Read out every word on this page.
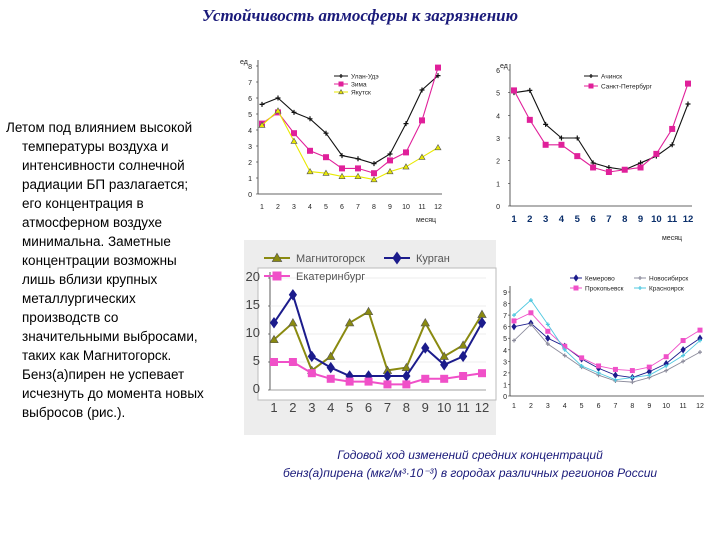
Устойчивость атмосферы к загрязнению
Летом под влиянием высокой
температуры воздуха и
интенсивности солнечной
радиации БП разлагается;
его концентрация в
атмосферном воздухе
минимальна. Заметные
концентрации возможны
лишь вблизи крупных
металлургических
производств со
значительными выбросами,
таких как Магнитогорск.
Бенз(а)пирен не успевает
исчезнуть до момента новых
выбросов (рис.).
0
1
2
3
4
5
6
7
8
1 2 3 4 5 6 7 8 9 10 11 12
ед
месяц
Улан-Удэ
Зима
Якутск
0
1
2
3
4
5
6
1 2 3 4 5 6 7 8 9 10 11 12
ед
месяц
Ачинск
Санкт-Петербург
0
5
10
15
20
1 2 3 4 5 6 7 8 9 10 11 12
Магнитогорск	Курган
Екатеринбург
0
1
2
3
4
5
6
7
8
9
1 2 3 4 5 6 7 8 9 10 11 12
Кемерово	Новосибирск
Прокопьевск	Красноярск
Годовой ход изменений средних концентраций
бенз(а)пирена (мкг/м³·10⁻³) в городах различных регионов России
